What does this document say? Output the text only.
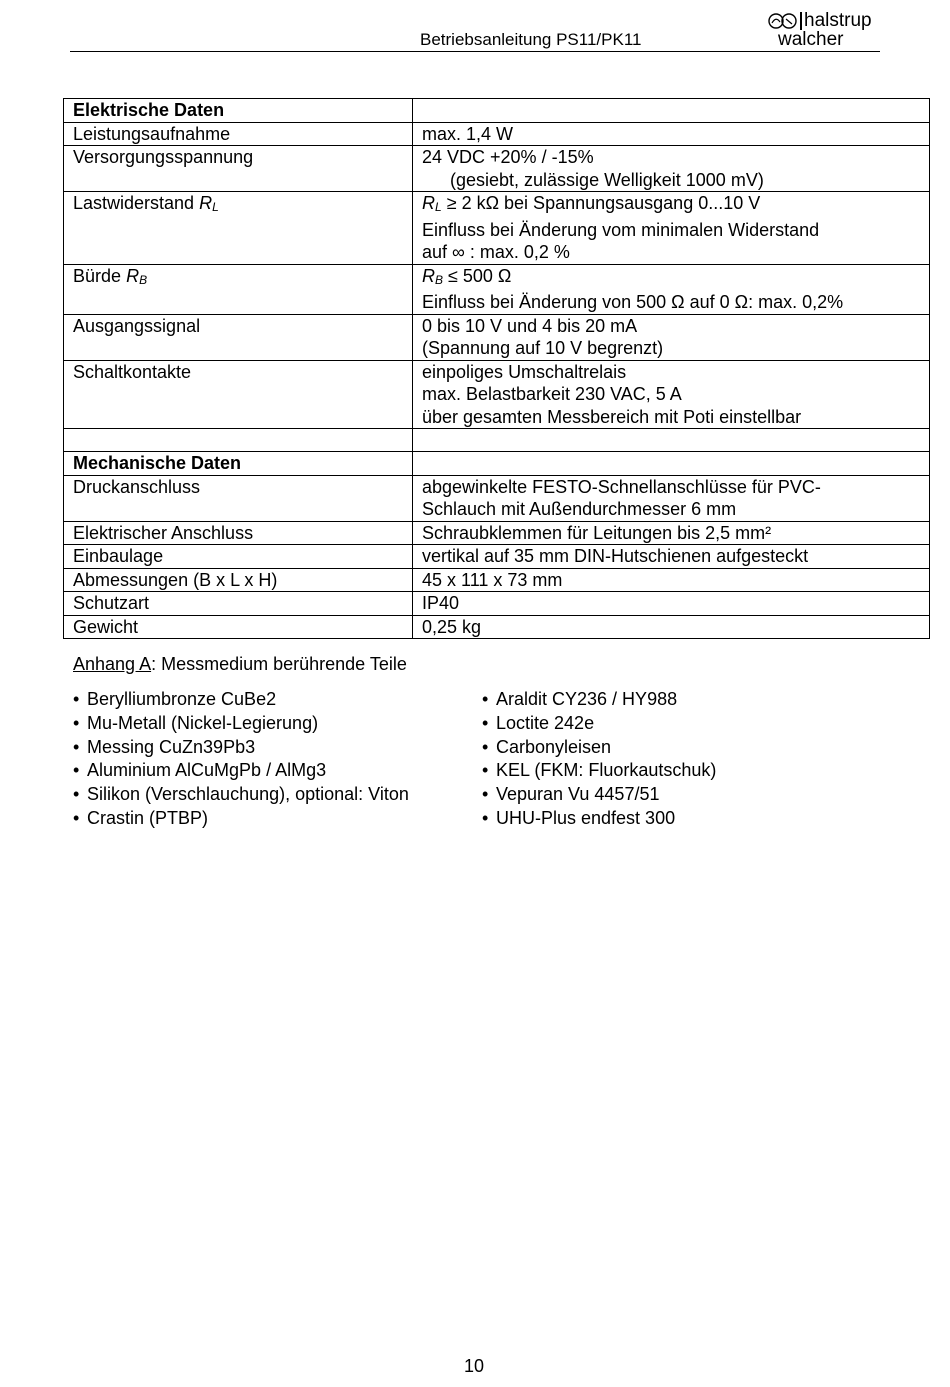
Betriebsanleitung PS11/PK11
halstrup
walcher
Elektrische Daten	
Leistungsaufnahme	max. 1,4 W

Versorgungsspannung	24 VDC +20% / -15%
(gesiebt, zulässige Welligkeit 1000 mV)

Lastwiderstand RL	RL ≥ 2 kΩ bei Spannungsausgang 0...10 V
Einfluss bei Änderung vom minimalen Widerstand
auf ∞ : max. 0,2 %

Bürde RB	RB ≤ 500 Ω
Einfluss bei Änderung von 500 Ω auf 0 Ω: max. 0,2%

Ausgangssignal	0 bis 10 V und 4 bis 20 mA
(Spannung auf 10 V begrenzt)

Schaltkontakte	einpoliges Umschaltrelais
max. Belastbarkeit 230 VAC, 5 A
über gesamten Messbereich mit Poti einstellbar

Mechanische Daten	
Druckanschluss	abgewinkelte FESTO-Schnellanschlüsse für PVC-
Schlauch mit Außendurchmesser 6 mm

Elektrischer Anschluss	Schraubklemmen für Leitungen bis 2,5 mm²
Einbaulage	vertikal auf 35 mm DIN-Hutschienen aufgesteckt
Abmessungen (B x L x H)	45 x 111 x 73 mm
Schutzart	IP40
Gewicht	0,25 kg
Anhang A: Messmedium berührende Teile
• Berylliumbronze CuBe2
• Mu-Metall (Nickel-Legierung)
• Messing CuZn39Pb3
• Aluminium AlCuMgPb / AlMg3
• Silikon (Verschlauchung), optional: Viton
• Crastin (PTBP)
• Araldit CY236 / HY988
• Loctite 242e
• Carbonyleisen
• KEL (FKM: Fluorkautschuk)
• Vepuran Vu 4457/51
• UHU-Plus endfest 300
10
